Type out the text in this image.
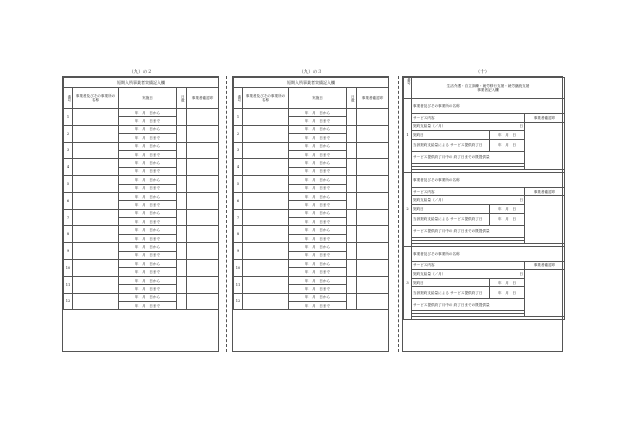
（九）の２
短期入所事業者実績記入欄				
番号	事業者及びその事業所の名称	実施日	日数	事業者確認印
1		年　月　日から		
		年　月　日まで		
2		年　月　日から		
		年　月　日まで		
3		年　月　日から		
		年　月　日まで		
4		年　月　日から		
		年　月　日まで		
5		年　月　日から		
		年　月　日まで		
6		年　月　日から		
		年　月　日まで		
7		年　月　日から		
		年　月　日まで		
8		年　月　日から		
		年　月　日まで		
9		年　月　日から		
		年　月　日まで		
10		年　月　日から		
		年　月　日まで		
11		年　月　日から		
		年　月　日まで		
12		年　月　日から		
		年　月　日まで		
（九）の３
短期入所事業者実績記入欄				
番号	事業者及びその事業所の名称	実施日	日数	事業者確認印
1		年　月　日から		
		年　月　日まで		
2		年　月　日から		
		年　月　日まで		
3		年　月　日から		
		年　月　日まで		
4		年　月　日から		
		年　月　日まで		
5		年　月　日から		
		年　月　日まで		
6		年　月　日から		
		年　月　日まで		
7		年　月　日から		
		年　月　日まで		
8		年　月　日から		
		年　月　日まで		
9		年　月　日から		
		年　月　日まで		
10		年　月　日から		
		年　月　日まで		
11		年　月　日から		
		年　月　日まで		
12		年　月　日から		
		年　月　日まで		
（十）
番号	生活介護・自立訓練・就労移行支援・就労継続支援
事業者記入欄		

1	事業者及びその事業所の名称		
	サービス内容		事業者確認印
	契約支給量（／月） 日		

	契約日	年　月　日	
	当該契約支給量による サービス提供終了日	年　月　日	
	サービス提供終了月中の 終了日までの既提供量		

2	事業者及びその事業所の名称		
	サービス内容		事業者確認印
	契約支給量（／月） 日		

	契約日	年　月　日	
	当該契約支給量による サービス提供終了日	年　月　日	
	サービス提供終了月中の 終了日までの既提供量		

3	事業者及びその事業所の名称		
	サービス内容		事業者確認印
	契約支給量（／月） 日		

	契約日	年　月　日	
	当該契約支給量による サービス提供終了日	年　月　日	
	サービス提供終了月中の 終了日までの既提供量		
